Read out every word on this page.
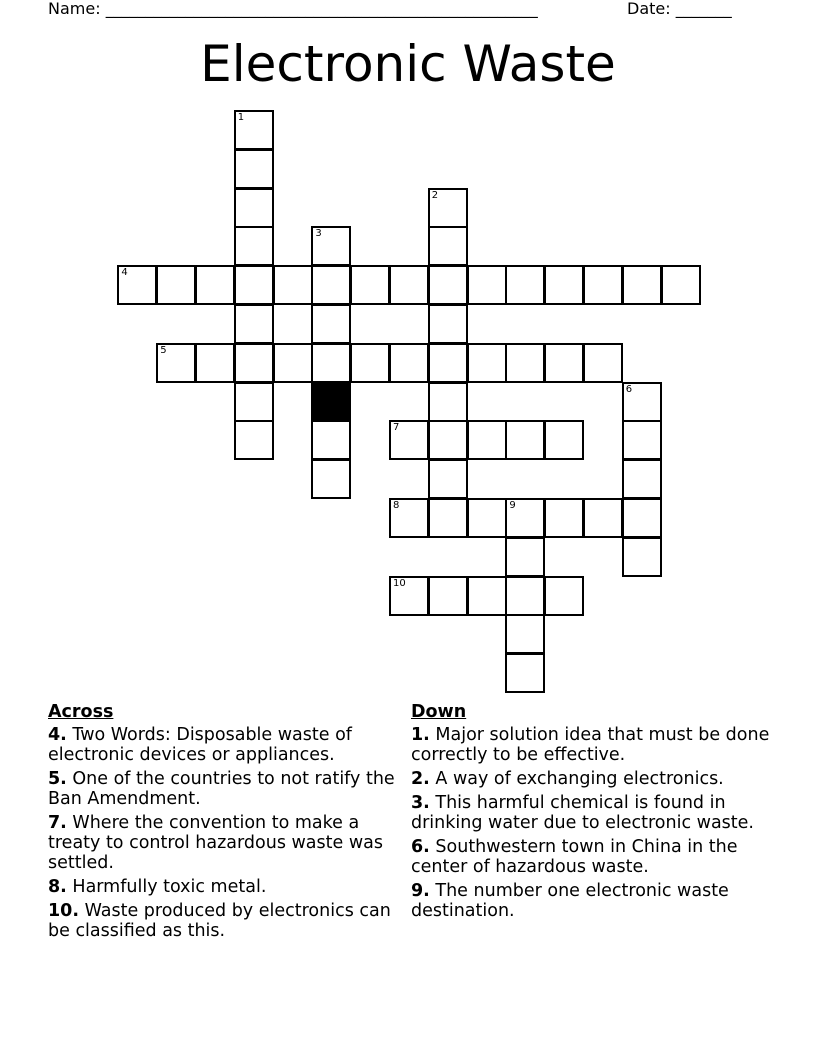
Name: ______________________________________________________	Date: _______
Electronic Waste
1
2
3
4
5
6
7
8	9
10
Across
4. Two Words: Disposable waste of electronic devices or appliances.
5. One of the countries to not ratify the Ban Amendment.
7. Where the convention to make a treaty to control hazardous waste was settled.
8. Harmfully toxic metal.
10. Waste produced by electronics can be classified as this.
Down
1. Major solution idea that must be done correctly to be effective.
2. A way of exchanging electronics.
3. This harmful chemical is found in drinking water due to electronic waste.
6. Southwestern town in China in the center of hazardous waste.
9. The number one electronic waste destination.
